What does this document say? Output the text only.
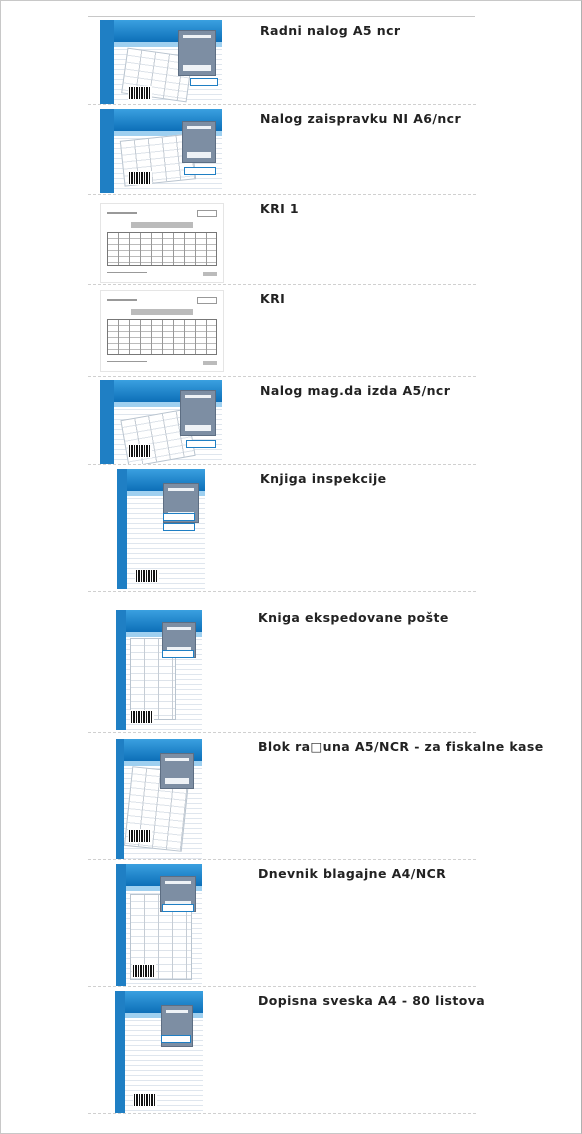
Radni nalog A5 ncr
Nalog zaispravku NI A6/ncr
KRI 1
KRI
Nalog mag.da izda A5/ncr
Knjiga inspekcije
Kniga ekspedovane pošte
Blok ra□una A5/NCR - za fiskalne kase
Dnevnik blagajne A4/NCR
Dopisna sveska A4 - 80 listova
